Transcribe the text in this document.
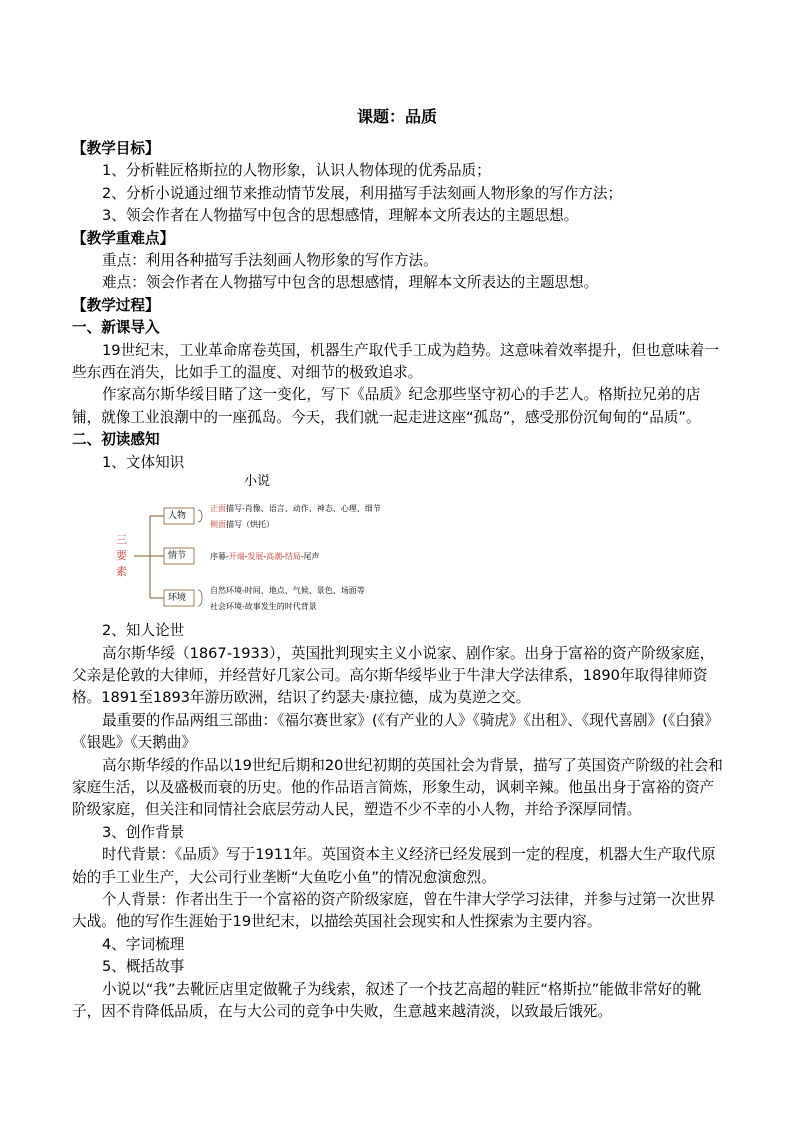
课题：品质

【教学目标】

1、分析鞋匠格斯拉的人物形象，认识人物体现的优秀品质；

2、分析小说通过细节来推动情节发展，利用描写手法刻画人物形象的写作方法；

3、领会作者在人物描写中包含的思想感情，理解本文所表达的主题思想。

【教学重难点】

重点：利用各种描写手法刻画人物形象的写作方法。

难点：领会作者在人物描写中包含的思想感情，理解本文所表达的主题思想。

【教学过程】

一、新课导入

19世纪末，工业革命席卷英国，机器生产取代手工成为趋势。这意味着效率提升，但也意味着一些东西在消失，比如手工的温度、对细节的极致追求。

作家高尔斯华绥目睹了这一变化，写下《品质》纪念那些坚守初心的手艺人。格斯拉兄弟的店铺，就像工业浪潮中的一座孤岛。今天，我们就一起走进这座“孤岛”，感受那份沉甸甸的“品质”。

二、初读感知

1、文体知识

小说
三要素
人物
情节
环境
正面描写-肖像、语言、动作、神态、心理、细节
侧面描写（烘托）
序幕-开端-发展-高潮-结局-尾声
自然环境-时间、地点、气候、景色、场面等
社会环境-故事发生的时代背景

2、知人论世

高尔斯华绥（1867-1933），英国批判现实主义小说家、剧作家。出身于富裕的资产阶级家庭，父亲是伦敦的大律师，并经营好几家公司。高尔斯华绥毕业于牛津大学法律系，1890年取得律师资格。1891至1893年游历欧洲，结识了约瑟夫·康拉德，成为莫逆之交。

最重要的作品两组三部曲：《福尔赛世家》(《有产业的人》《骑虎》《出租》、《现代喜剧》(《白猿》《银匙》《天鹅曲》

高尔斯华绥的作品以19世纪后期和20世纪初期的英国社会为背景，描写了英国资产阶级的社会和家庭生活，以及盛极而衰的历史。他的作品语言简炼，形象生动，讽刺辛辣。他虽出身于富裕的资产阶级家庭，但关注和同情社会底层劳动人民，塑造不少不幸的小人物，并给予深厚同情。

3、创作背景

时代背景：《品质》写于1911年。英国资本主义经济已经发展到一定的程度，机器大生产取代原始的手工业生产，大公司行业垄断“大鱼吃小鱼”的情况愈演愈烈。

个人背景：作者出生于一个富裕的资产阶级家庭，曾在牛津大学学习法律，并参与过第一次世界大战。他的写作生涯始于19世纪末，以描绘英国社会现实和人性探索为主要内容。

4、字词梳理

5、概括故事

小说以“我”去靴匠店里定做靴子为线索，叙述了一个技艺高超的鞋匠“格斯拉”能做非常好的靴子，因不肯降低品质，在与大公司的竞争中失败，生意越来越清淡，以致最后饿死。
